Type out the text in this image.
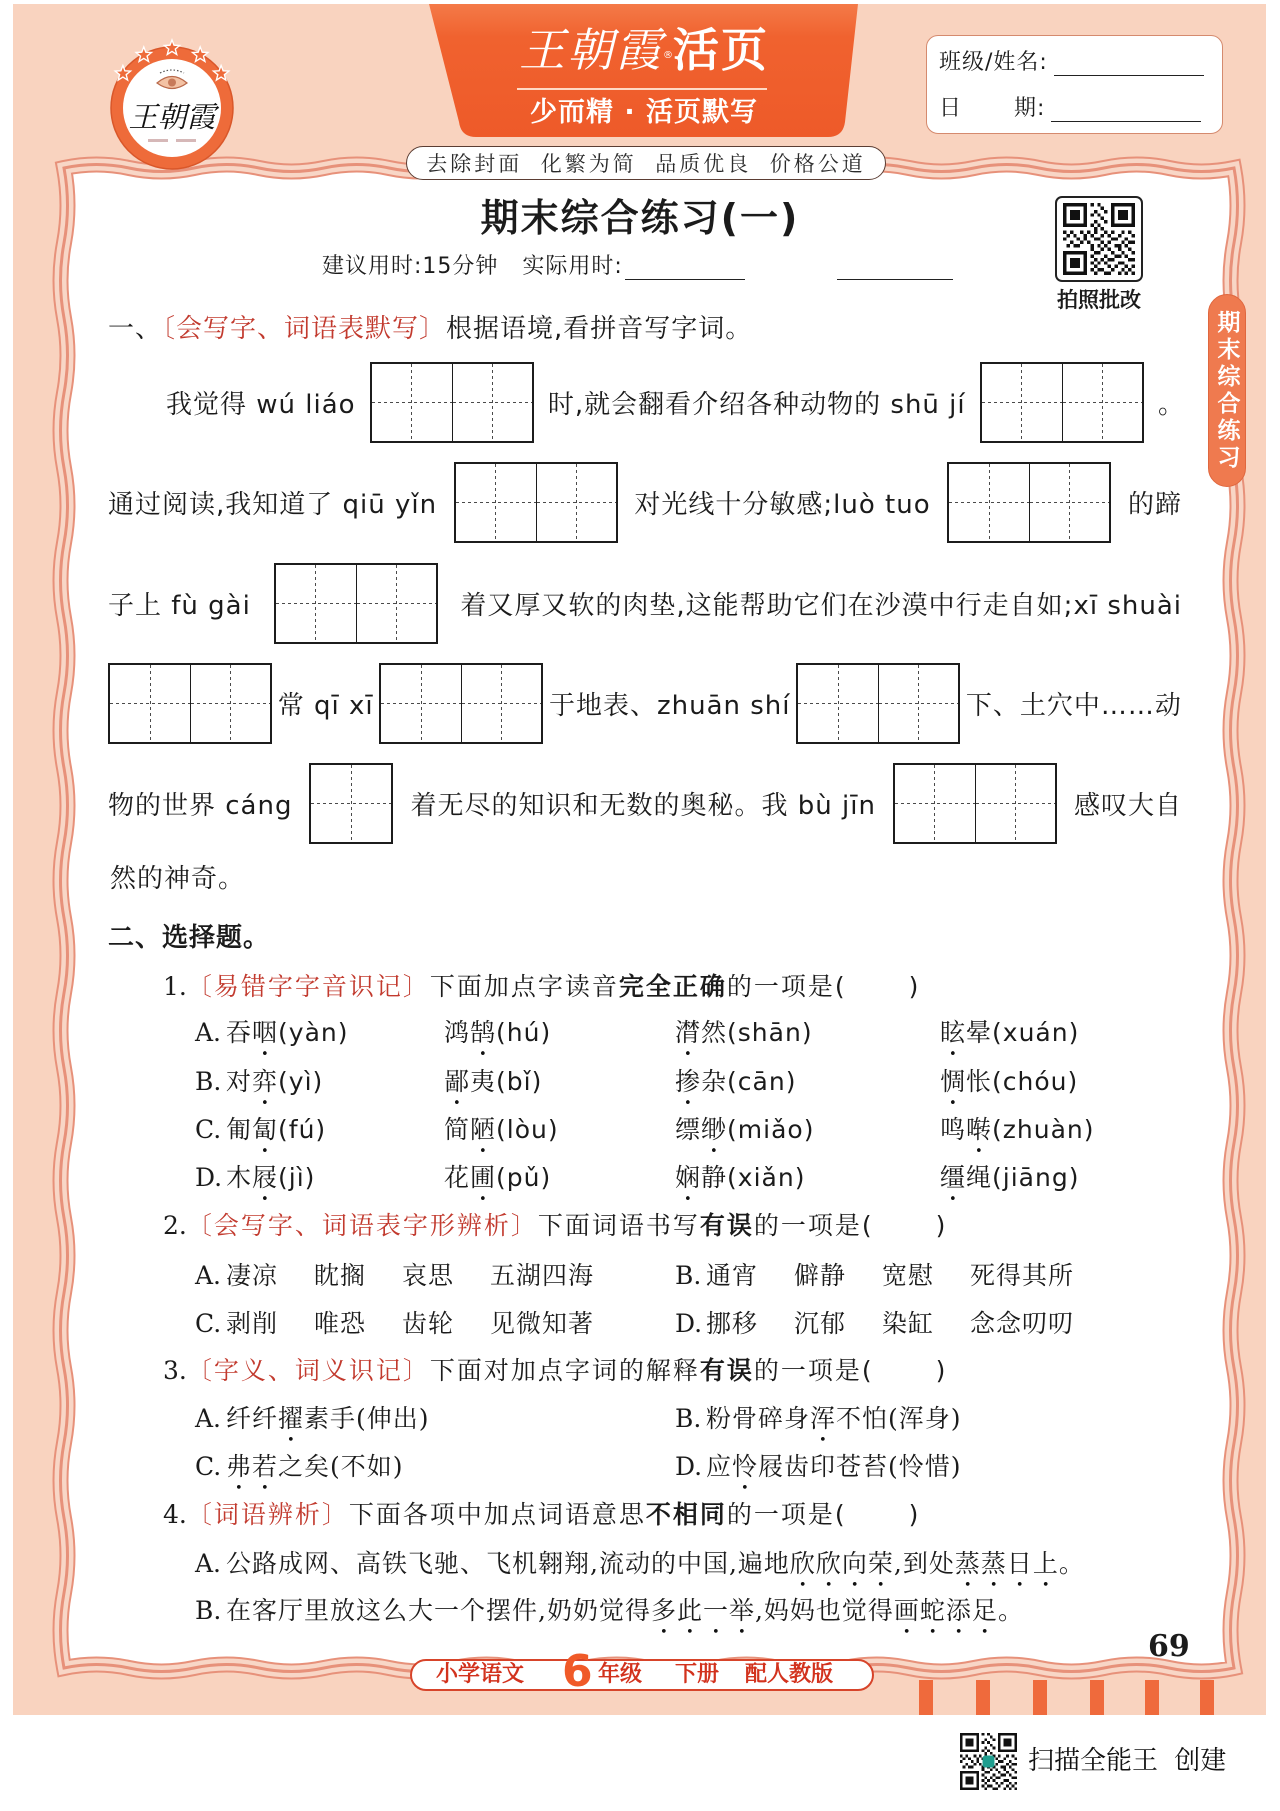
王朝霞
王朝霞®活页
少而精 · 活页默写
去除封面 化繁为简 品质优良 价格公道
班级/姓名:
日 期:
拍照批改
期末综合练习
期末综合练习(一)
建议用时:15分钟 实际用时:
一、〔会写字、词语表默写〕根据语境,看拼音写字词。
我觉得 wú liáo	时,就会翻看介绍各种动物的 shū jí	。
通过阅读,我知道了 qiū yǐn	对光线十分敏感;luò tuo	的蹄
子上 fù gài	着又厚又软的肉垫,这能帮助它们在沙漠中行走自如;xī shuài
常 qī xī	于地表、zhuān shí	下、土穴中……动
物的世界 cáng	着无尽的知识和无数的奥秘。我 bù jīn	感叹大自
然的神奇。
二、选择题。
1.〔易错字字音识记〕下面加点字读音完全正确的一项是( )
A. 吞咽(yàn)	鸿鹄(hú)	潸然(shān)	眩晕(xuán)
B. 对弈(yì)	鄙夷(bǐ)	掺杂(cān)	惆怅(chóu)
C. 匍匐(fú)	简陋(lòu)	缥缈(miǎo)	鸣啭(zhuàn)
D. 木屐(jì)	花圃(pǔ)	娴静(xiǎn)	缰绳(jiāng)
2.〔会写字、词语表字形辨析〕下面词语书写有误的一项是( )
A. 凄凉 眈搁 哀思 五湖四海	B. 通宵 僻静 宽慰 死得其所
C. 剥削 唯恐 齿轮 见微知著	D. 挪移 沉郁 染缸 念念叨叨
3.〔字义、词义识记〕下面对加点字词的解释有误的一项是( )
A. 纤纤擢素手(伸出)	B. 粉骨碎身浑不怕(浑身)
C. 弗若之矣(不如)	D. 应怜屐齿印苍苔(怜惜)
4.〔词语辨析〕下面各项中加点词语意思不相同的一项是( )
A. 公路成网、高铁飞驰、飞机翱翔,流动的中国,遍地欣欣向荣,到处蒸蒸日上。
B. 在客厅里放这么大一个摆件,奶奶觉得多此一举,妈妈也觉得画蛇添足。
69
小学语文 6 年级 下册 配人教版
扫描全能王 创建
